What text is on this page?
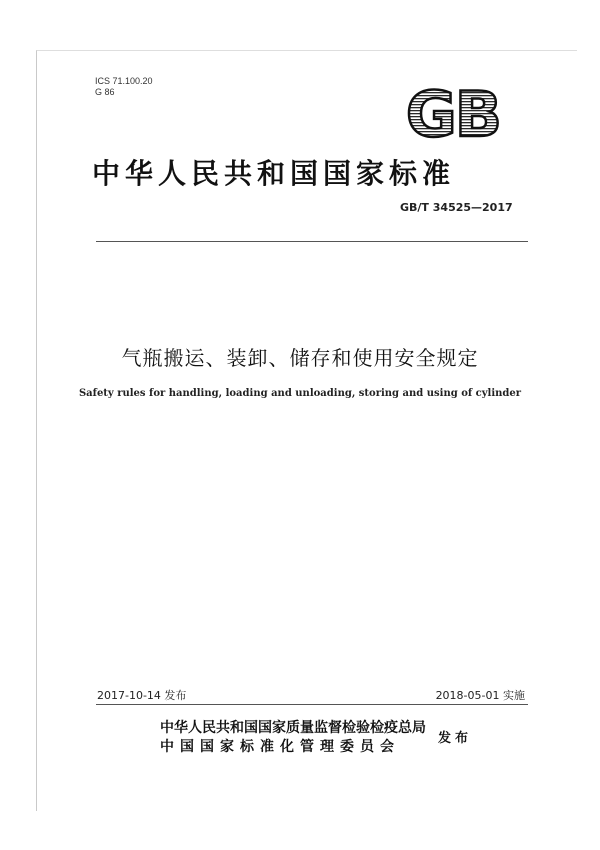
ICS 71.100.20
G 86	GB
中华人民共和国国家标准
GB/T 34525—2017
气瓶搬运、装卸、储存和使用安全规定
Safety rules for handling, loading and unloading, storing and using of cylinder
2017-10-14 发布	2018-05-01 实施
中华人民共和国国家质量监督检验检疫总局
中国国家标准化管理委员会
发布
